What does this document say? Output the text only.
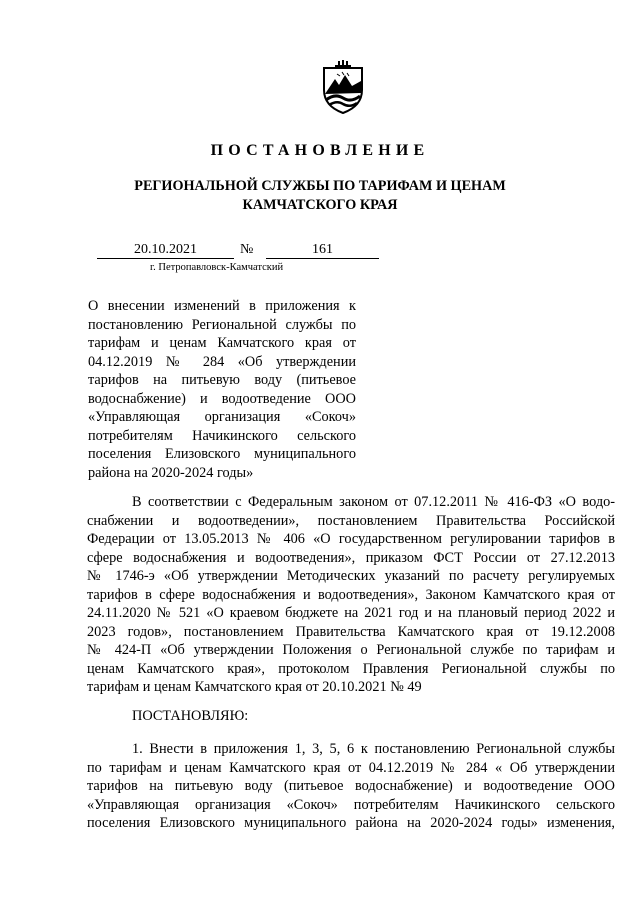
ПОСТАНОВЛЕНИЕ
РЕГИОНАЛЬНОЙ СЛУЖБЫ ПО ТАРИФАМ И ЦЕНАМ
КАМЧАТСКОГО КРАЯ
20.10.2021	№	161
г. Петропавловск-Камчатский
О внесении изменений в приложения к
постановлению Региональной службы по
тарифам и ценам Камчатского края от
04.12.2019 № 284 «Об утверждении
тарифов на питьевую воду (питьевое
водоснабжение) и водоотведение ООО
«Управляющая организация «Сокоч»
потребителям Начикинского сельского
поселения Елизовского муниципального
района на 2020-2024 годы»
В соответствии с Федеральным законом от 07.12.2011 № 416-ФЗ «О водо-
снабжении и водоотведении», постановлением Правительства Российской
Федерации от 13.05.2013 № 406 «О государственном регулировании тарифов в
сфере водоснабжения и водоотведения», приказом ФСТ России от 27.12.2013
№ 1746-э «Об утверждении Методических указаний по расчету регулируемых
тарифов в сфере водоснабжения и водоотведения», Законом Камчатского края от
24.11.2020 № 521 «О краевом бюджете на 2021 год и на плановый период 2022 и
2023 годов», постановлением Правительства Камчатского края от 19.12.2008
№ 424-П «Об утверждении Положения о Региональной службе по тарифам и
ценам Камчатского края», протоколом Правления Региональной службы по
тарифам и ценам Камчатского края от 20.10.2021 № 49
ПОСТАНОВЛЯЮ:
1. Внести в приложения 1, 3, 5, 6 к постановлению Региональной службы
по тарифам и ценам Камчатского края от 04.12.2019 № 284 « Об утверждении
тарифов на питьевую воду (питьевое водоснабжение) и водоотведение ООО
«Управляющая организация «Сокоч» потребителям Начикинского сельского
поселения Елизовского муниципального района на 2020-2024 годы» изменения,
